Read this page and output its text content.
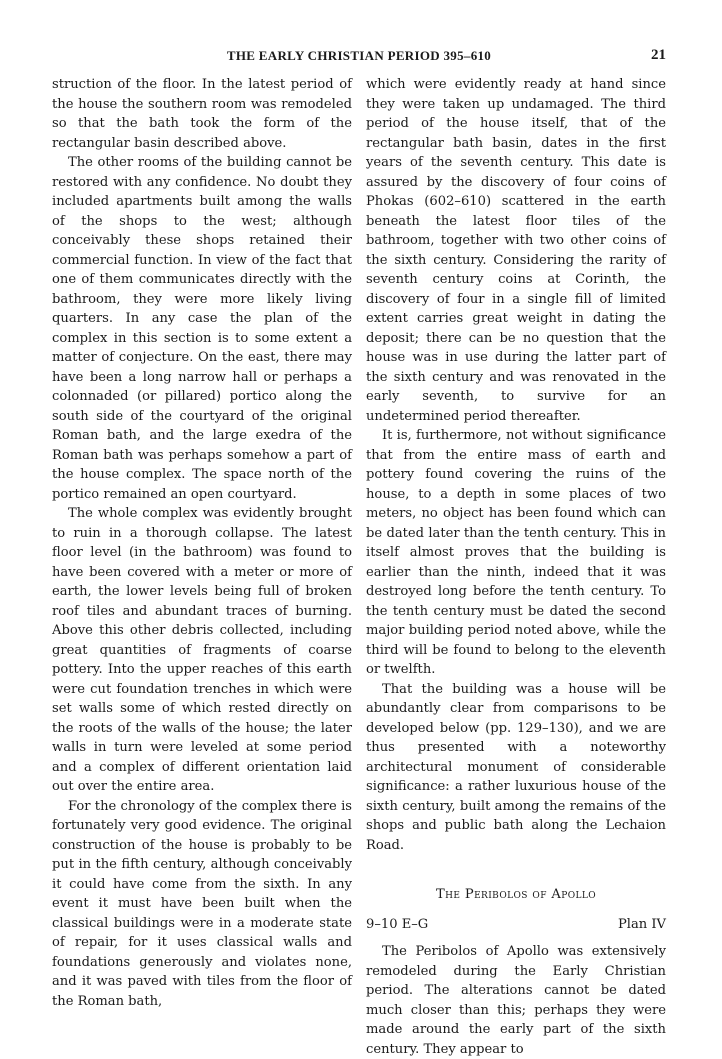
THE EARLY CHRISTIAN PERIOD 395–610	21

struction of the floor. In the latest period of the house the southern room was remodeled so that the bath took the form of the rectangular basin described above.

The other rooms of the building cannot be restored with any confidence. No doubt they included apartments built among the walls of the shops to the west; although conceivably these shops retained their commercial function. In view of the fact that one of them communicates directly with the bathroom, they were more likely living quarters. In any case the plan of the complex in this section is to some extent a matter of conjecture. On the east, there may have been a long narrow hall or perhaps a colonnaded (or pillared) portico along the south side of the courtyard of the original Roman bath, and the large exedra of the Roman bath was perhaps somehow a part of the house complex. The space north of the portico remained an open courtyard.

The whole complex was evidently brought to ruin in a thorough collapse. The latest floor level (in the bathroom) was found to have been covered with a meter or more of earth, the lower levels being full of broken roof tiles and abundant traces of burning. Above this other debris collected, including great quantities of fragments of coarse pottery. Into the upper reaches of this earth were cut foundation trenches in which were set walls some of which rested directly on the roots of the walls of the house; the later walls in turn were leveled at some period and a complex of different orientation laid out over the entire area.

For the chronology of the complex there is fortunately very good evidence. The original construction of the house is probably to be put in the fifth century, although conceivably it could have come from the sixth. In any event it must have been built when the classical buildings were in a moderate state of repair, for it uses classical walls and foundations generously and violates none, and it was paved with tiles from the floor of the Roman bath,

which were evidently ready at hand since they were taken up undamaged. The third period of the house itself, that of the rectangular bath basin, dates in the first years of the seventh century. This date is assured by the discovery of four coins of Phokas (602–610) scattered in the earth beneath the latest floor tiles of the bathroom, together with two other coins of the sixth century. Considering the rarity of seventh century coins at Corinth, the discovery of four in a single fill of limited extent carries great weight in dating the deposit; there can be no question that the house was in use during the latter part of the sixth century and was renovated in the early seventh, to survive for an undetermined period thereafter.

It is, furthermore, not without significance that from the entire mass of earth and pottery found covering the ruins of the house, to a depth in some places of two meters, no object has been found which can be dated later than the tenth century. This in itself almost proves that the building is earlier than the ninth, indeed that it was destroyed long before the tenth century. To the tenth century must be dated the second major building period noted above, while the third will be found to belong to the eleventh or twelfth.

That the building was a house will be abundantly clear from comparisons to be developed below (pp. 129–130), and we are thus presented with a noteworthy architectural monument of considerable significance: a rather luxurious house of the sixth century, built among the remains of the shops and public bath along the Lechaion Road.

The Peribolos of Apollo
9–10 E–G	Plan IV

The Peribolos of Apollo was extensively remodeled during the Early Christian period. The alterations cannot be dated much closer than this; perhaps they were made around the early part of the sixth century. They appear to
